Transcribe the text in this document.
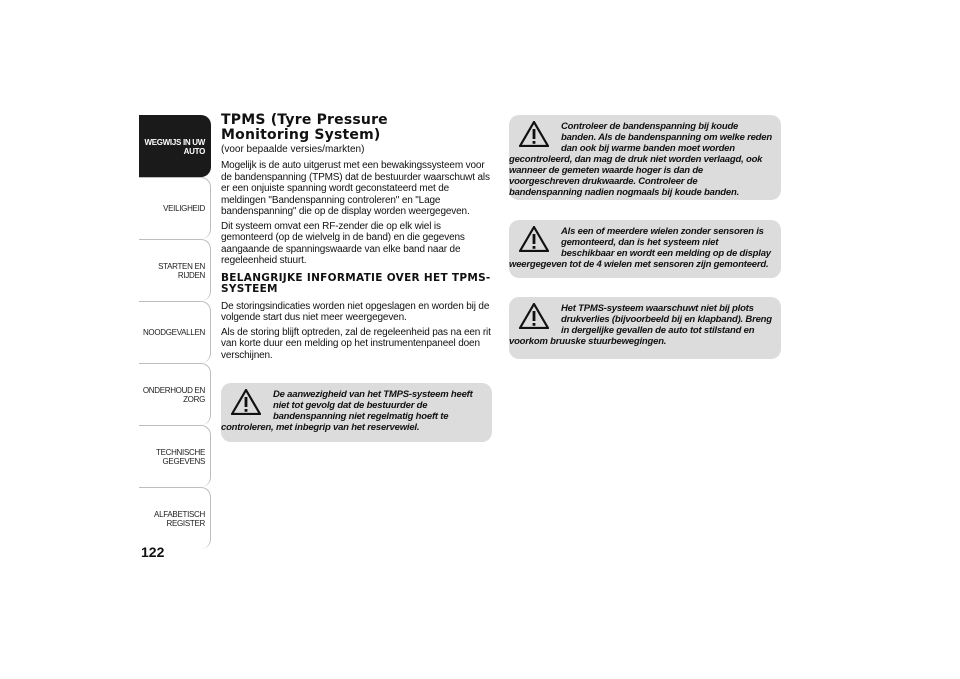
WEGWIJS IN UW
AUTO
VEILIGHEID
STARTEN EN RIJDEN
NOODGEVALLEN
ONDERHOUD EN
ZORG
TECHNISCHE
GEGEVENS
ALFABETISCH
REGISTER
122
TPMS (Tyre Pressure
Monitoring System)
(voor bepaalde versies/markten)

Mogelijk is de auto uitgerust met een bewakingssysteem voor de bandenspanning (TPMS) dat de bestuurder waarschuwt als er een onjuiste spanning wordt geconstateerd met de meldingen "Bandenspanning controleren" en "Lage bandenspanning" die op de display worden weergegeven.

Dit systeem omvat een RF-zender die op elk wiel is gemonteerd (op de wielvelg in de band) en die gegevens aangaande de spanningswaarde van elke band naar de regeleenheid stuurt.

BELANGRIJKE INFORMATIE OVER HET TPMS-SYSTEEM

De storingsindicaties worden niet opgeslagen en worden bij de volgende start dus niet meer weergegeven.

Als de storing blijft optreden, zal de regeleenheid pas na een rit van korte duur een melding op het instrumentenpaneel doen verschijnen.

De aanwezigheid van het TMPS-systeem heeft niet tot gevolg dat de bestuurder de bandenspanning niet regelmatig hoeft te controleren, met inbegrip van het reservewiel.
Controleer de bandenspanning bij koude banden. Als de bandenspanning om welke reden dan ook bij warme banden moet worden gecontroleerd, dan mag de druk niet worden verlaagd, ook wanneer de gemeten waarde hoger is dan de voorgeschreven drukwaarde. Controleer de bandenspanning nadien nogmaals bij koude banden.
Als een of meerdere wielen zonder sensoren is gemonteerd, dan is het systeem niet beschikbaar en wordt een melding op de display weergegeven tot de 4 wielen met sensoren zijn gemonteerd.
Het TPMS-systeem waarschuwt niet bij plots drukverlies (bijvoorbeeld bij en klapband). Breng in dergelijke gevallen de auto tot stilstand en voorkom bruuske stuurbewegingen.
